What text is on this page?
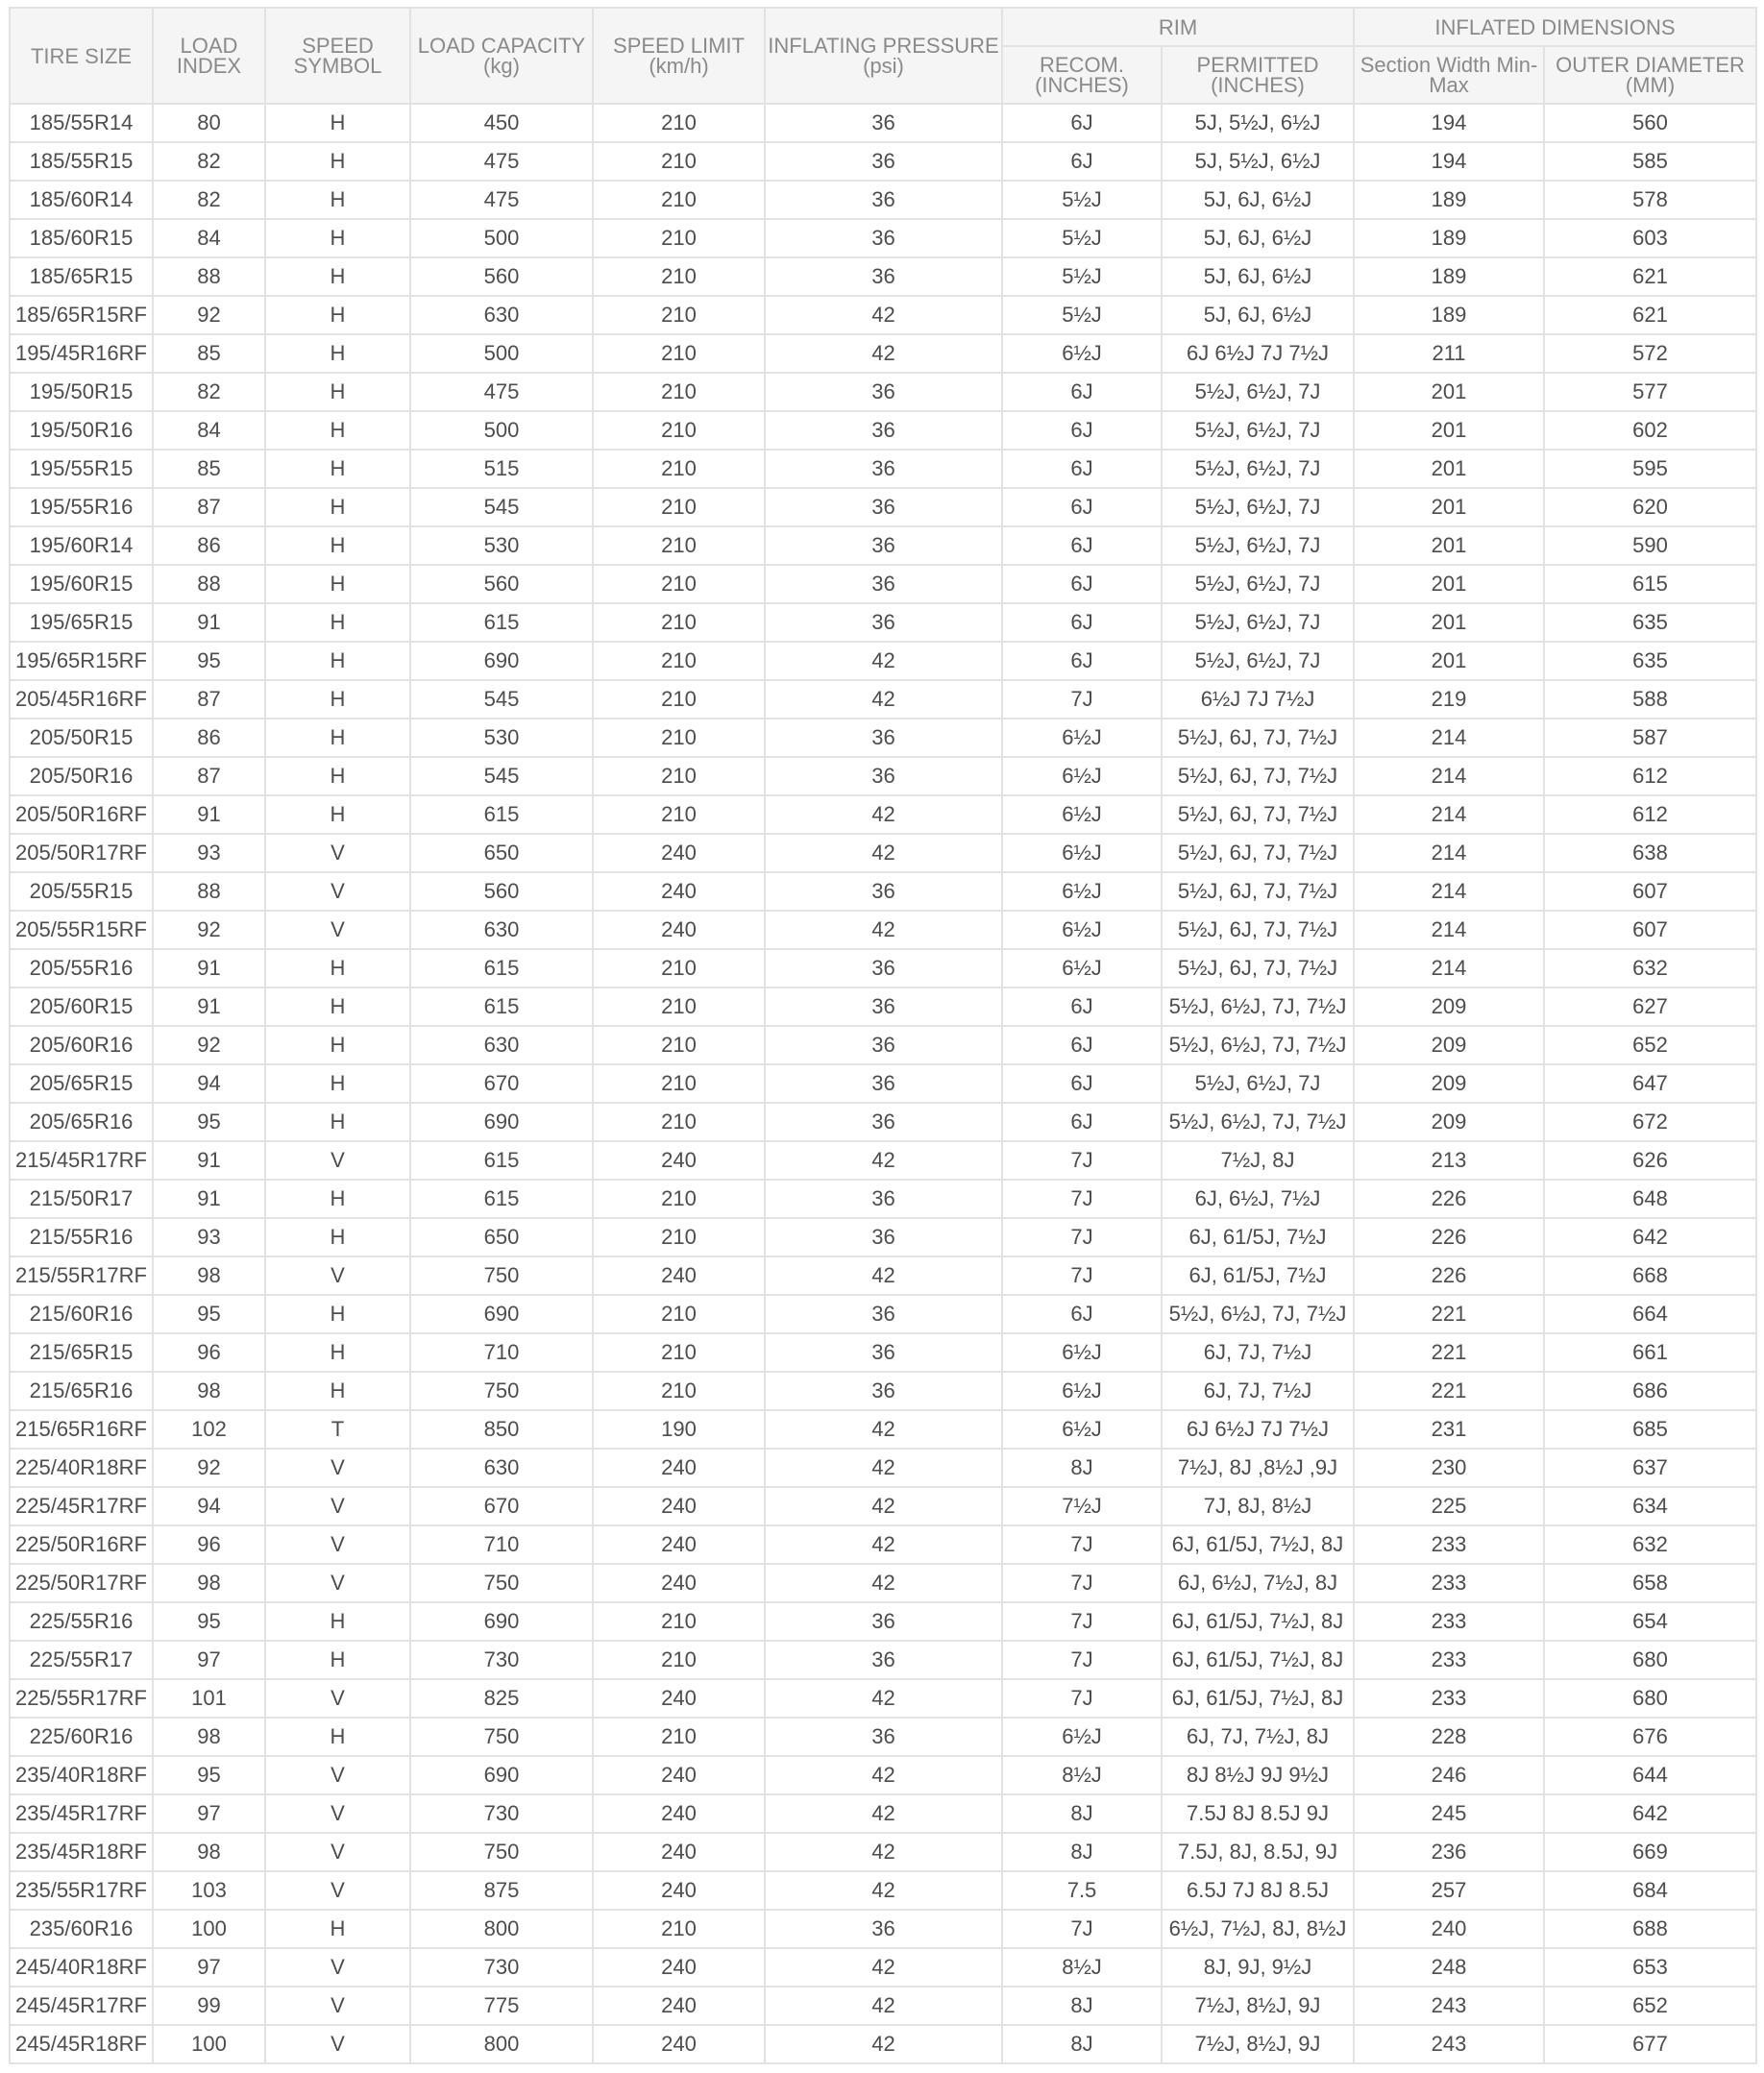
TIRE SIZE	LOAD INDEX	SPEED SYMBOL	LOAD CAPACITY (kg)	SPEED LIMIT (km/h)	INFLATING PRESSURE (psi)	RIM		INFLATED DIMENSIONS	
						RECOM. (INCHES)	PERMITTED (INCHES)	Section Width Min-Max	OUTER DIAMETER (MM)
185/55R14	80	H	450	210	36	6J	5J, 5½J, 6½J	194	560
185/55R15	82	H	475	210	36	6J	5J, 5½J, 6½J	194	585
185/60R14	82	H	475	210	36	5½J	5J, 6J, 6½J	189	578
185/60R15	84	H	500	210	36	5½J	5J, 6J, 6½J	189	603
185/65R15	88	H	560	210	36	5½J	5J, 6J, 6½J	189	621
185/65R15RF	92	H	630	210	42	5½J	5J, 6J, 6½J	189	621
195/45R16RF	85	H	500	210	42	6½J	6J 6½J 7J 7½J	211	572
195/50R15	82	H	475	210	36	6J	5½J, 6½J, 7J	201	577
195/50R16	84	H	500	210	36	6J	5½J, 6½J, 7J	201	602
195/55R15	85	H	515	210	36	6J	5½J, 6½J, 7J	201	595
195/55R16	87	H	545	210	36	6J	5½J, 6½J, 7J	201	620
195/60R14	86	H	530	210	36	6J	5½J, 6½J, 7J	201	590
195/60R15	88	H	560	210	36	6J	5½J, 6½J, 7J	201	615
195/65R15	91	H	615	210	36	6J	5½J, 6½J, 7J	201	635
195/65R15RF	95	H	690	210	42	6J	5½J, 6½J, 7J	201	635
205/45R16RF	87	H	545	210	42	7J	6½J 7J 7½J	219	588
205/50R15	86	H	530	210	36	6½J	5½J, 6J, 7J, 7½J	214	587
205/50R16	87	H	545	210	36	6½J	5½J, 6J, 7J, 7½J	214	612
205/50R16RF	91	H	615	210	42	6½J	5½J, 6J, 7J, 7½J	214	612
205/50R17RF	93	V	650	240	42	6½J	5½J, 6J, 7J, 7½J	214	638
205/55R15	88	V	560	240	36	6½J	5½J, 6J, 7J, 7½J	214	607
205/55R15RF	92	V	630	240	42	6½J	5½J, 6J, 7J, 7½J	214	607
205/55R16	91	H	615	210	36	6½J	5½J, 6J, 7J, 7½J	214	632
205/60R15	91	H	615	210	36	6J	5½J, 6½J, 7J, 7½J	209	627
205/60R16	92	H	630	210	36	6J	5½J, 6½J, 7J, 7½J	209	652
205/65R15	94	H	670	210	36	6J	5½J, 6½J, 7J	209	647
205/65R16	95	H	690	210	36	6J	5½J, 6½J, 7J, 7½J	209	672
215/45R17RF	91	V	615	240	42	7J	7½J, 8J	213	626
215/50R17	91	H	615	210	36	7J	6J, 6½J, 7½J	226	648
215/55R16	93	H	650	210	36	7J	6J, 61/5J, 7½J	226	642
215/55R17RF	98	V	750	240	42	7J	6J, 61/5J, 7½J	226	668
215/60R16	95	H	690	210	36	6J	5½J, 6½J, 7J, 7½J	221	664
215/65R15	96	H	710	210	36	6½J	6J, 7J, 7½J	221	661
215/65R16	98	H	750	210	36	6½J	6J, 7J, 7½J	221	686
215/65R16RF	102	T	850	190	42	6½J	6J 6½J 7J 7½J	231	685
225/40R18RF	92	V	630	240	42	8J	7½J, 8J ,8½J ,9J	230	637
225/45R17RF	94	V	670	240	42	7½J	7J, 8J, 8½J	225	634
225/50R16RF	96	V	710	240	42	7J	6J, 61/5J, 7½J, 8J	233	632
225/50R17RF	98	V	750	240	42	7J	6J, 6½J, 7½J, 8J	233	658
225/55R16	95	H	690	210	36	7J	6J, 61/5J, 7½J, 8J	233	654
225/55R17	97	H	730	210	36	7J	6J, 61/5J, 7½J, 8J	233	680
225/55R17RF	101	V	825	240	42	7J	6J, 61/5J, 7½J, 8J	233	680
225/60R16	98	H	750	210	36	6½J	6J, 7J, 7½J, 8J	228	676
235/40R18RF	95	V	690	240	42	8½J	8J 8½J 9J 9½J	246	644
235/45R17RF	97	V	730	240	42	8J	7.5J 8J 8.5J 9J	245	642
235/45R18RF	98	V	750	240	42	8J	7.5J, 8J, 8.5J, 9J	236	669
235/55R17RF	103	V	875	240	42	7.5	6.5J 7J 8J 8.5J	257	684
235/60R16	100	H	800	210	36	7J	6½J, 7½J, 8J, 8½J	240	688
245/40R18RF	97	V	730	240	42	8½J	8J, 9J, 9½J	248	653
245/45R17RF	99	V	775	240	42	8J	7½J, 8½J, 9J	243	652
245/45R18RF	100	V	800	240	42	8J	7½J, 8½J, 9J	243	677
